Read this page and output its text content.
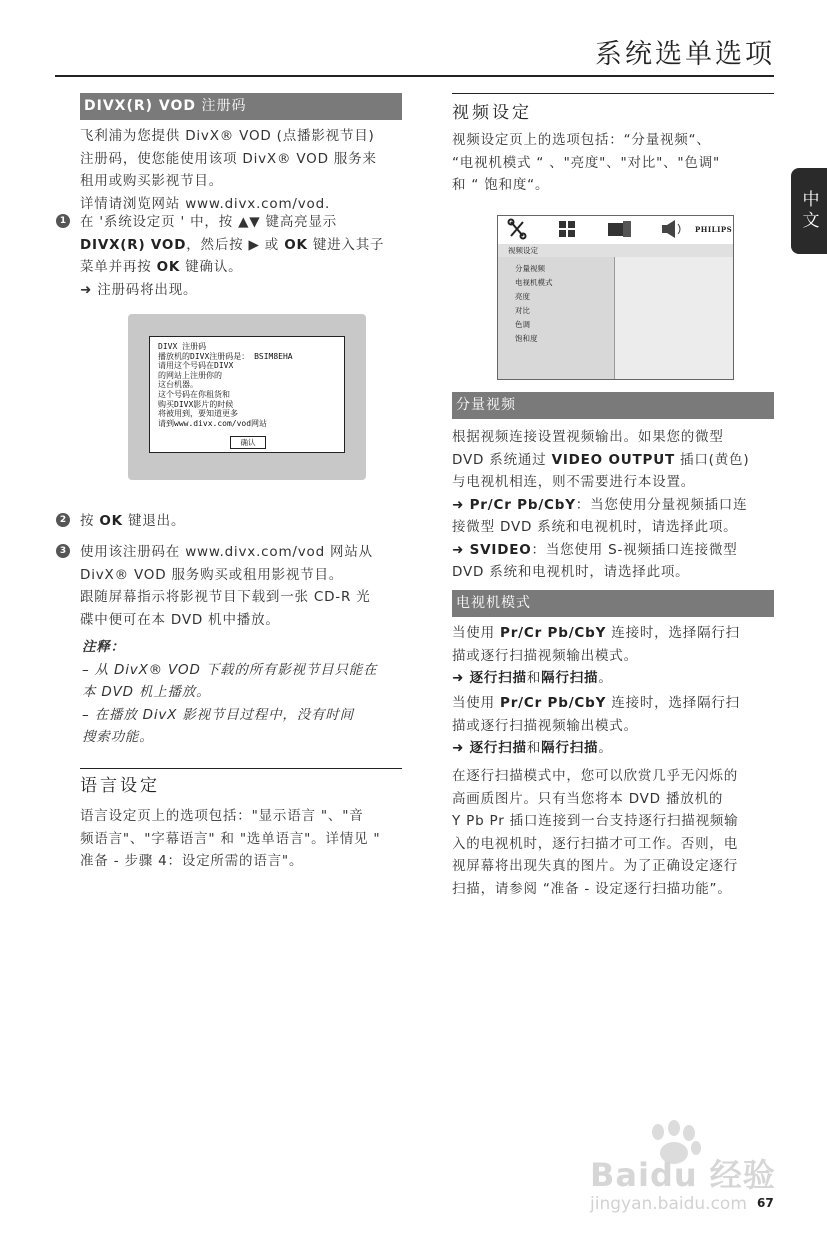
系统选单选项
中文
DIVX(R) VOD 注册码

飞利浦为您提供 DivX® VOD (点播影视节目)

注册码，使您能使用该项 DivX® VOD 服务来

租用或购买影视节目。

详情请浏览网站 www.divx.com/vod.

1 在 '系统设定页 ' 中，按 ▲▼ 键高亮显示

DIVX(R) VOD，然后按 ▶ 或 OK 键进入其子

菜单并再按 OK 键确认。

➜ 注册码将出现。

DIVX 注册码
播放机的DIVX注册码是： BSIM8EHA
请用这个号码在DIVX
的网站上注册你的
这台机器。
这个号码在你租货和
购买DIVX影片的时候
将被用到，要知道更多
请到www.divx.com/vod网站
确认
2 按 OK 键退出。

3 使用该注册码在 www.divx.com/vod 网站从

DivX® VOD 服务购买或租用影视节目。

跟随屏幕指示将影视节目下载到一张 CD-R 光

碟中便可在本 DVD 机中播放。

注释：

– 从 DivX® VOD 下载的所有影视节目只能在

本 DVD 机上播放。

– 在播放 DivX 影视节目过程中，没有时间

搜索功能。

语言设定

语言设定页上的选项包括："显示语言 "、"音

频语言"、"字幕语言" 和 "选单语言"。详情见 "

准备 - 步骤 4：设定所需的语言"。

视频设定

视频设定页上的选项包括：“分量视频“、

“电视机模式 “ 、"亮度"、"对比"、"色调"

和 “ 饱和度“。

PHILIPS
视频设定
分量视频
电视机模式
亮度
对比
色调
饱和度
分量视频

根据视频连接设置视频输出。如果您的微型

DVD 系统通过 VIDEO OUTPUT 插口(黄色)

与电视机相连，则不需要进行本设置。

➜ Pr/Cr Pb/CbY：当您使用分量视频插口连

接微型 DVD 系统和电视机时，请选择此项。

➜ SVIDEO：当您使用 S-视频插口连接微型

DVD 系统和电视机时，请选择此项。

电视机模式

当使用 Pr/Cr Pb/CbY 连接时，选择隔行扫

描或逐行扫描视频输出模式。

➜ 逐行扫描和隔行扫描。

当使用 Pr/Cr Pb/CbY 连接时，选择隔行扫

描或逐行扫描视频输出模式。

➜ 逐行扫描和隔行扫描。

在逐行扫描模式中，您可以欣赏几乎无闪烁的

高画质图片。只有当您将本 DVD 播放机的

Y Pb Pr 插口连接到一台支持逐行扫描视频输

入的电视机时，逐行扫描才可工作。否则，电

视屏幕将出现失真的图片。为了正确设定逐行

扫描，请参阅 “准备 - 设定逐行扫描功能”。

Baidu 经验
jingyan.baidu.com 67
